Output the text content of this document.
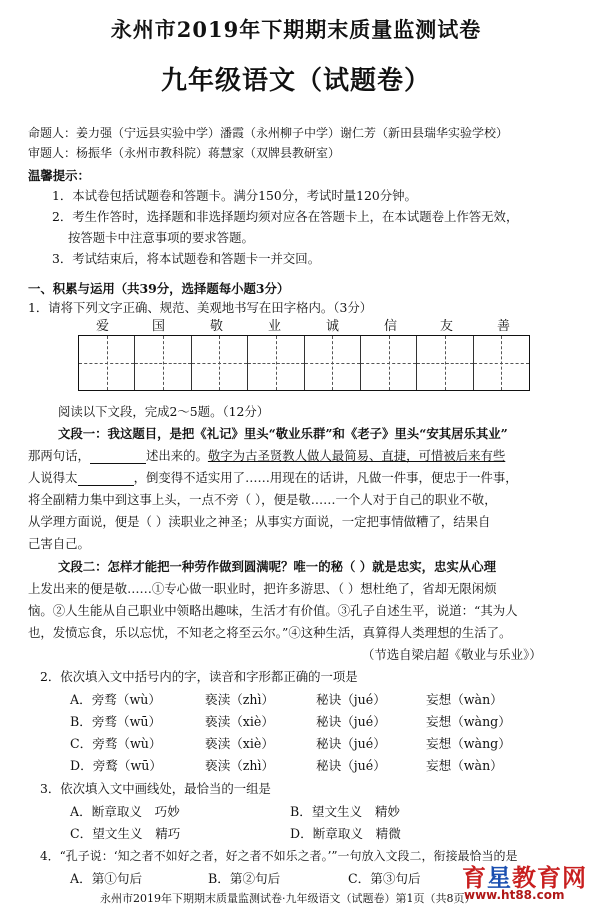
永州市2019年下期期末质量监测试卷
九年级语文（试题卷）
命题人：姜力强（宁远县实验中学）潘霞（永州柳子中学）谢仁芳（新田县瑞华实验学校）
审题人：杨振华（永州市教科院）蒋慧家（双牌县教研室）
温馨提示：
1．本试卷包括试题卷和答题卡。满分150分，考试时量120分钟。
2．考生作答时，选择题和非选择题均须对应各在答题卡上，在本试题卷上作答无效，
按答题卡中注意事项的要求答题。
3．考试结束后，将本试题卷和答题卡一并交回。
一、积累与运用（共39分，选择题每小题3分）
1．请将下列文字正确、规范、美观地书写在田字格内。（3分）
爱	国	敬	业	诚	信	友	善
阅读以下文段，完成2～5题。（12分）
文段一：我这题目，是把《礼记》里头“敬业乐群”和《老子》里头“安其居乐其业”
那两句话，	述出来的。敬字为古圣贤教人做人最简易、直捷，可惜被后来有些
人说得太	，倒变得不适实用了……用现在的话讲，凡做一件事，便忠于一件事，
将全副精力集中到这事上头，一点不旁（ ），便是敬……一个人对于自己的职业不敬，
从学理方面说，便是（ ）渎职业之神圣；从事实方面说，一定把事情做糟了，结果自
己害自己。
文段二：怎样才能把一种劳作做到圆满呢？唯一的秘（ ）就是忠实，忠实从心理
上发出来的便是敬……①专心做一职业时，把许多游思、（ ）想杜绝了，省却无限闲烦
恼。②人生能从自己职业中领略出趣味，生活才有价值。③孔子自述生平，说道：“其为人
也，发愤忘食，乐以忘忧，不知老之将至云尔。”④这种生活，真算得人类理想的生活了。
（节选自梁启超《敬业与乐业》）
2．依次填入文中括号内的字，读音和字形都正确的一项是
A．旁骛（wù）	亵渎（zhì）	秘诀（jué）	妄想（wàn）
B．旁骛（wū）	亵渎（xiè）	秘诀（jué）	妄想（wàng）
C．旁骛（wù）	亵渎（xiè）	秘诀（jué）	妄想（wàng）
D．旁鹜（wū）	亵渎（zhì）	秘诀（jué）	妄想（wàn）
3．依次填入文中画线处，最恰当的一组是
A．断章取义　巧妙	B．望文生义　精妙
C．望文生义　精巧	D．断章取义　精微
4．“孔子说：‘知之者不如好之者，好之者不如乐之者。’”一句放入文段二，衔接最恰当的是
A．第①句后	B．第②句后	C．第③句后
永州市2019年下期期末质量监测试卷·九年级语文（试题卷）第1页（共8页）
育星教育网
www.ht88.com
